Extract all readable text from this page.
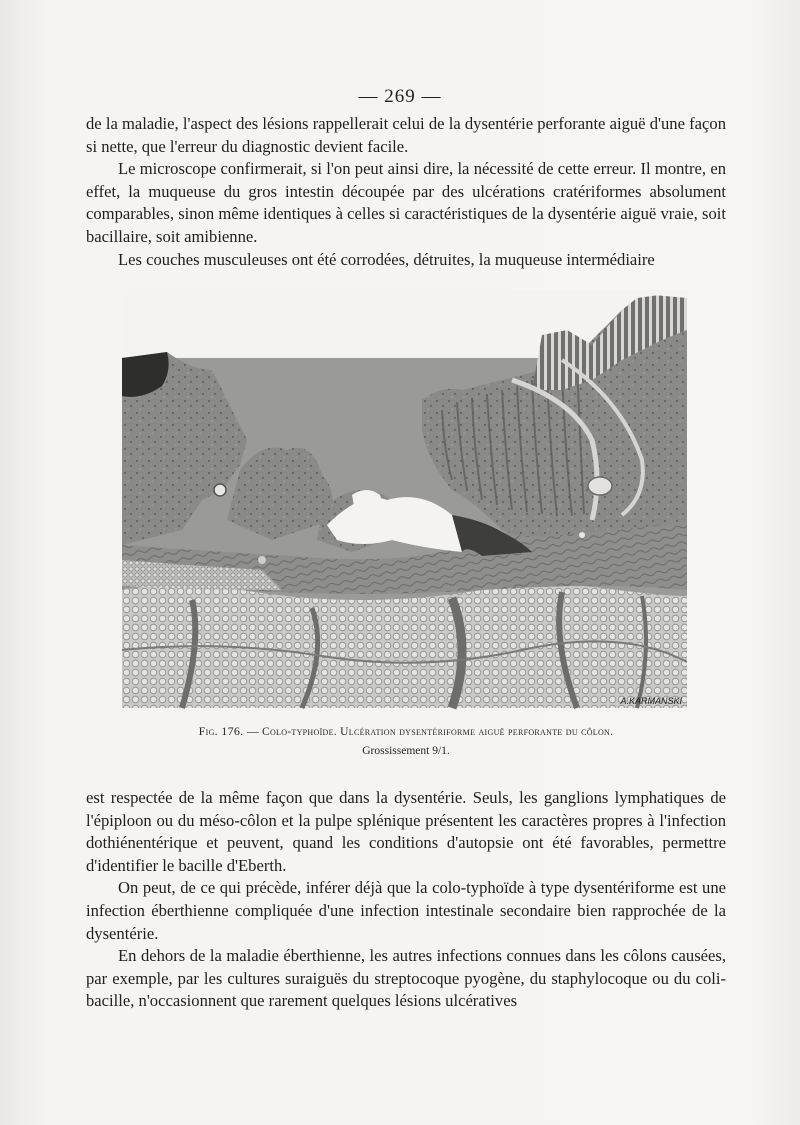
— 269 —

de la maladie, l'aspect des lésions rappellerait celui de la dysentérie perforante aiguë d'une façon si nette, que l'erreur du diagnostic devient facile.

Le microscope confirmerait, si l'on peut ainsi dire, la nécessité de cette erreur. Il montre, en effet, la muqueuse du gros intestin découpée par des ulcérations cratériformes absolument comparables, sinon même identiques à celles si caractéristiques de la dysentérie aiguë vraie, soit bacillaire, soit amibienne.

Les couches musculeuses ont été corrodées, détruites, la muqueuse intermédiaire

A.KARMANSKI
Fig. 176. — Colo-typhoïde. Ulcération dysentériforme aiguë perforante du côlon.
Grossissement 9/1.

est respectée de la même façon que dans la dysentérie. Seuls, les ganglions lymphatiques de l'épiploon ou du méso-côlon et la pulpe splénique présentent les caractères propres à l'infection dothiénentérique et peuvent, quand les conditions d'autopsie ont été favorables, permettre d'identifier le bacille d'Eberth.

On peut, de ce qui précède, inférer déjà que la colo-typhoïde à type dysentériforme est une infection éberthienne compliquée d'une infection intestinale secondaire bien rapprochée de la dysentérie.

En dehors de la maladie éberthienne, les autres infections connues dans les côlons causées, par exemple, par les cultures suraiguës du streptocoque pyogène, du staphylocoque ou du coli-bacille, n'occasionnent que rarement quelques lésions ulcératives
